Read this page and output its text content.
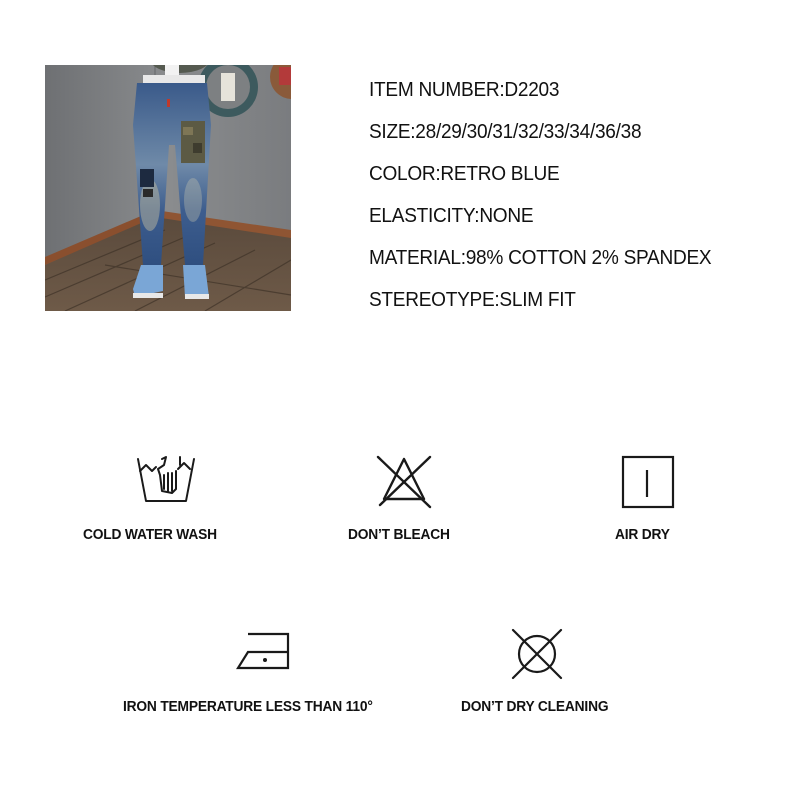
ITEM NUMBER:D2203
SIZE:28/29/30/31/32/33/34/36/38
COLOR:RETRO BLUE
ELASTICITY:NONE
MATERIAL:98% COTTON 2% SPANDEX
STEREOTYPE:SLIM FIT
COLD WATER WASH	DON’T BLEACH	AIR DRY
IRON TEMPERATURE LESS THAN 110°	DON’T DRY CLEANING
